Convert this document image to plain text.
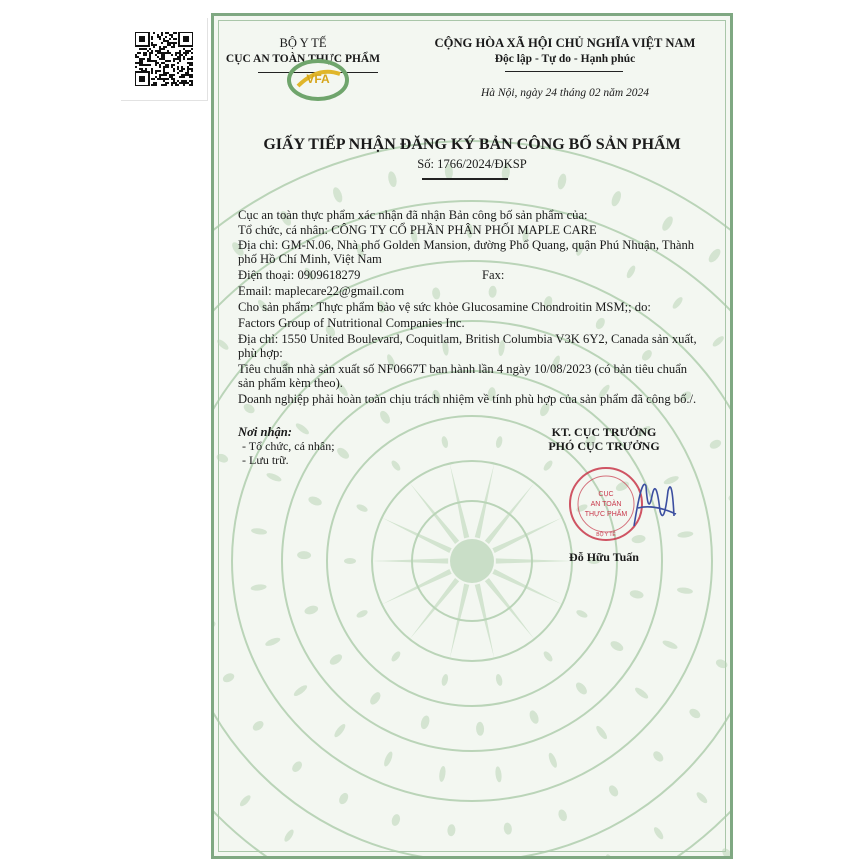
BỘ Y TẾ
CỤC AN TOÀN THỰC PHẨM
VFA
CỘNG HÒA XÃ HỘI CHỦ NGHĨA VIỆT NAM
Độc lập - Tự do - Hạnh phúc
Hà Nội, ngày 24 tháng 02 năm 2024
GIẤY TIẾP NHẬN ĐĂNG KÝ BẢN CÔNG BỐ SẢN PHẨM
Số: 1766/2024/ĐKSP
Cục an toàn thực phẩm xác nhận đã nhận Bản công bố sản phẩm của:
Tổ chức, cá nhân: CÔNG TY CỔ PHẦN PHÂN PHỐI MAPLE CARE
Địa chỉ: GM-N.06, Nhà phố Golden Mansion, đường Phổ Quang, quận Phú Nhuận, Thành
phố Hồ Chí Minh, Việt Nam
Điện thoại: 0909618279	Fax:
Email: maplecare22@gmail.com
Cho sản phẩm: Thực phẩm bảo vệ sức khỏe Glucosamine Chondroitin MSM;; do:
Factors Group of Nutritional Companies Inc.
Địa chỉ: 1550 United Boulevard, Coquitlam, British Columbia V3K 6Y2, Canada sản xuất,
phù hợp:
Tiêu chuẩn nhà sản xuất số NF0667T ban hành lần 4 ngày 10/08/2023 (có bản tiêu chuẩn
sản phẩm kèm theo).
Doanh nghiệp phải hoàn toàn chịu trách nhiệm về tính phù hợp của sản phẩm đã công bố./.
Nơi nhận:
- Tổ chức, cá nhân;
- Lưu trữ.
KT. CỤC TRƯỞNG
PHÓ CỤC TRƯỞNG
CỤC
AN TOÀN
THỰC PHẨM
BỘ Y TẾ
Đỗ Hữu Tuấn
